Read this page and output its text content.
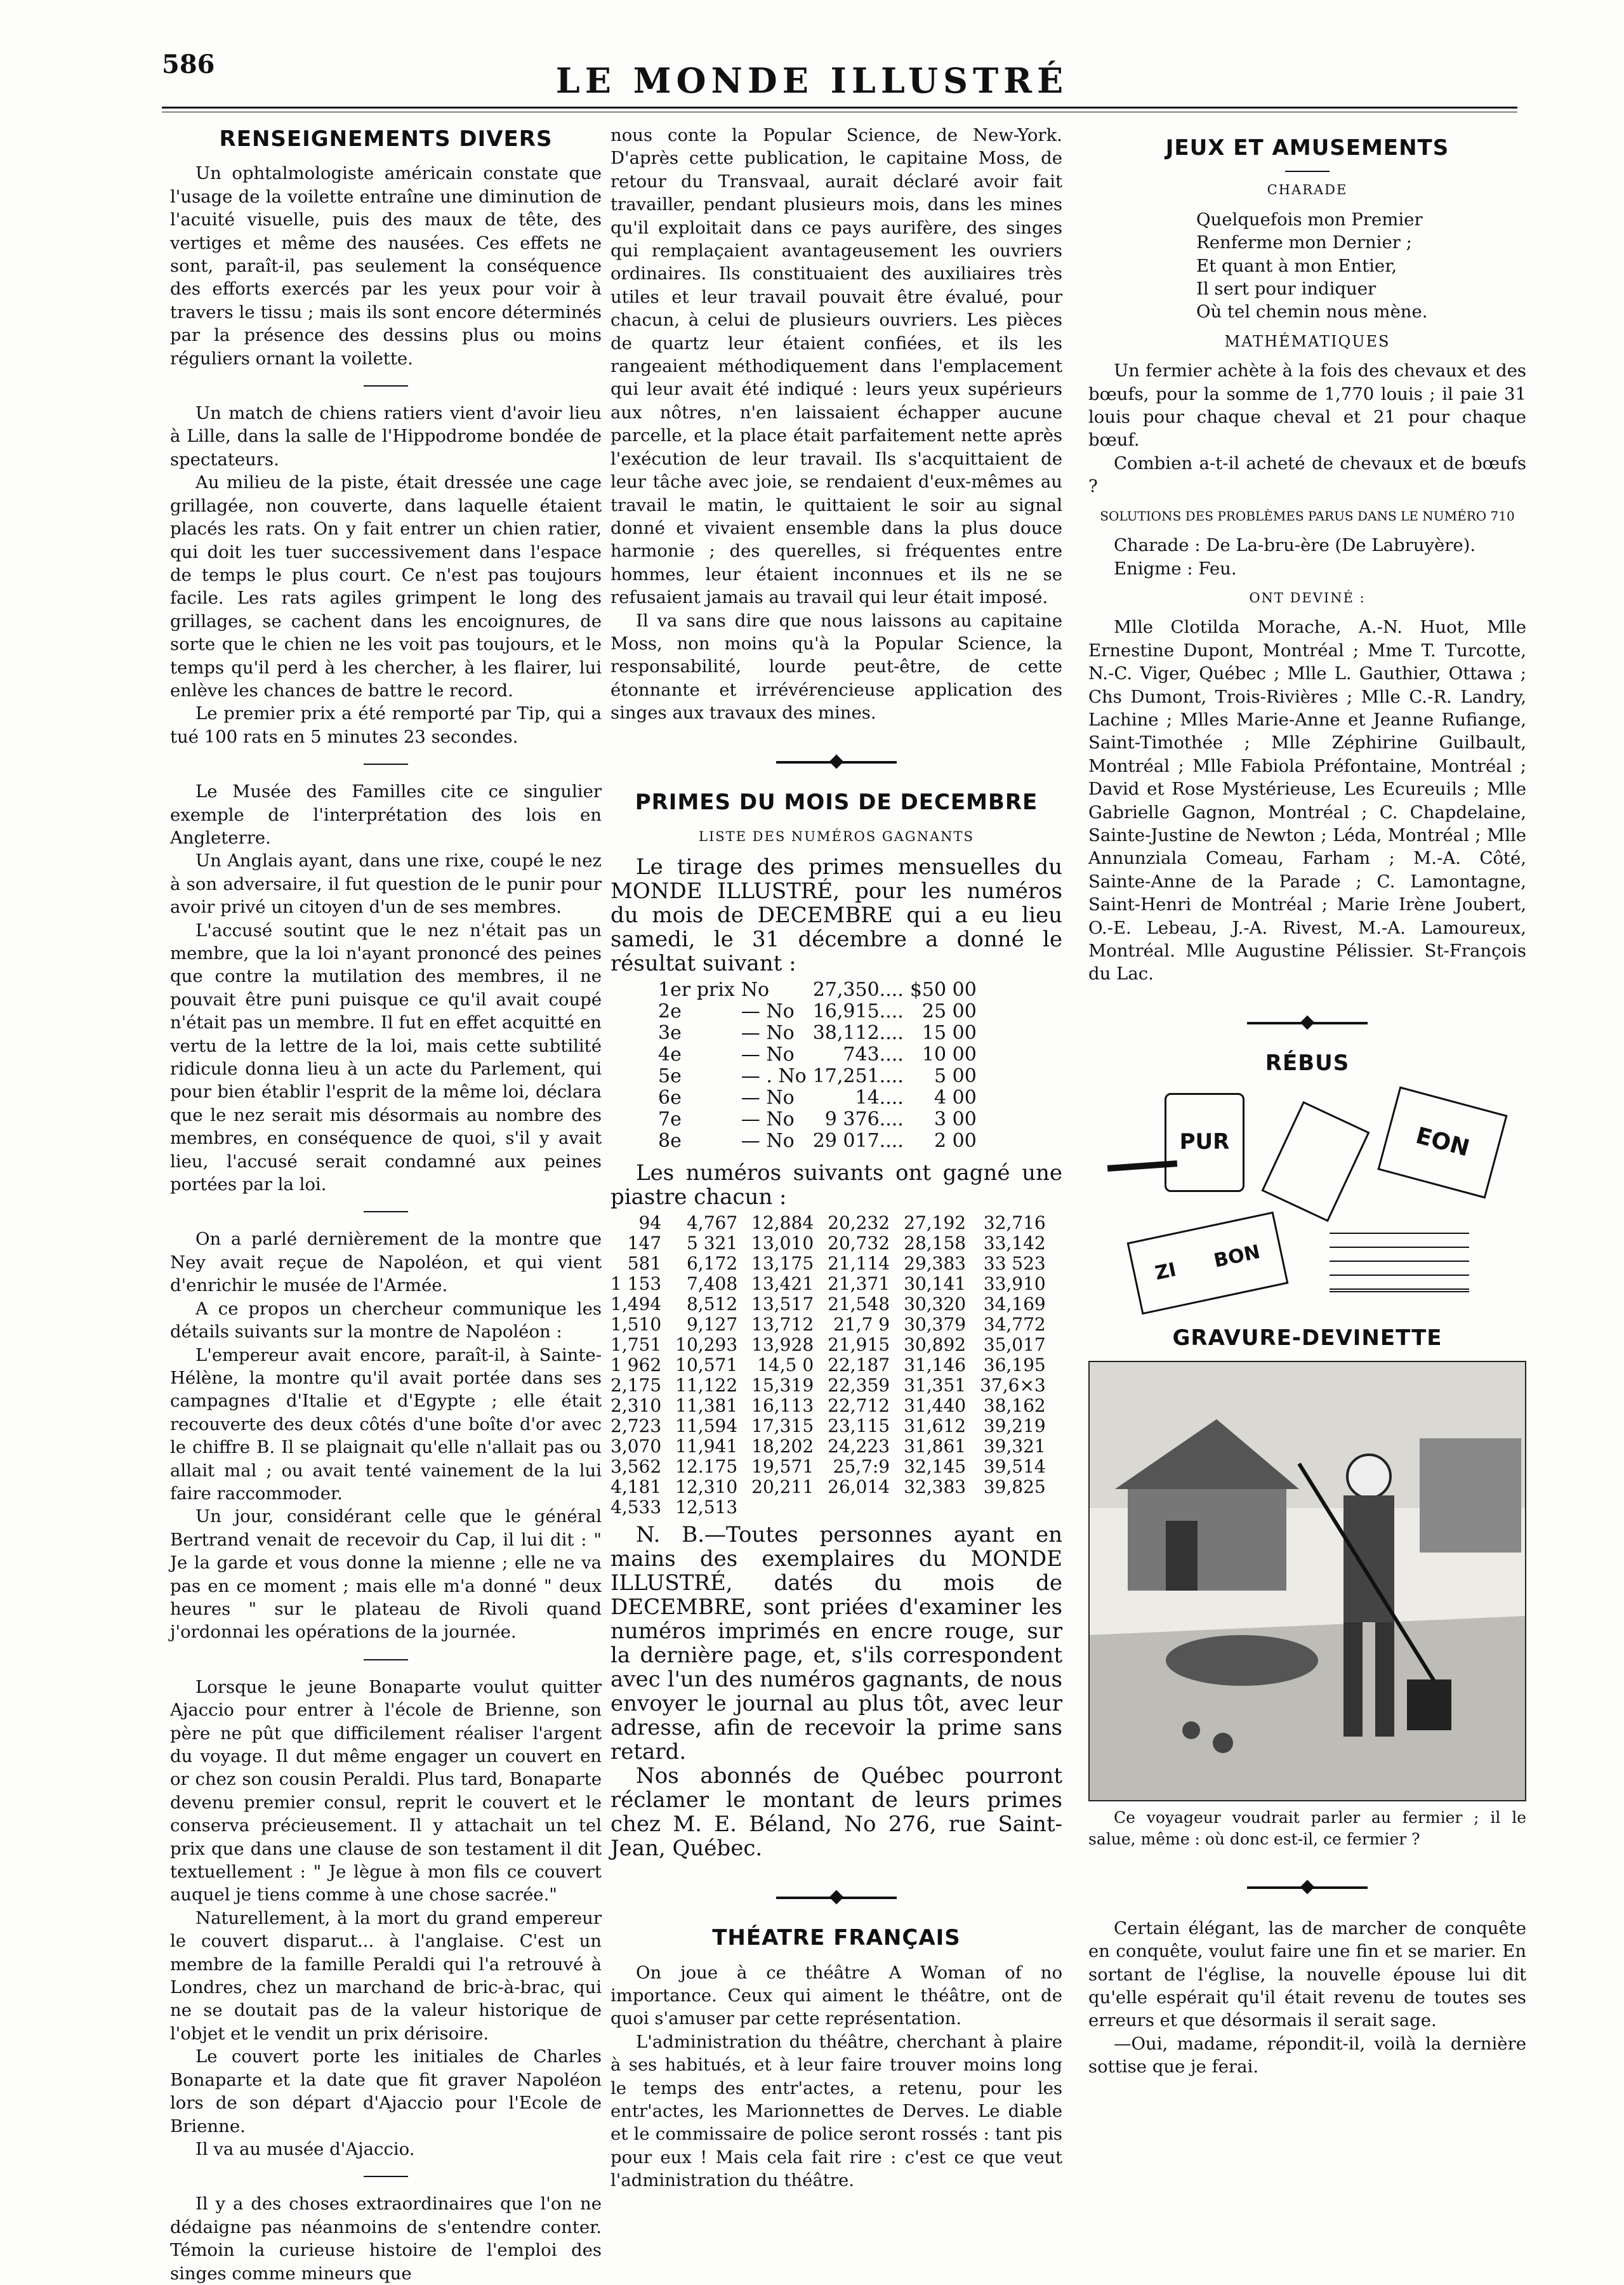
586	LE MONDE ILLUSTRÉ
RENSEIGNEMENTS DIVERS

Un ophtalmologiste américain constate que l'usage de la voilette entraîne une diminution de l'acuité visuelle, puis des maux de tête, des vertiges et même des nausées. Ces effets ne sont, paraît-il, pas seulement la conséquence des efforts exercés par les yeux pour voir à travers le tissu ; mais ils sont encore déterminés par la présence des dessins plus ou moins réguliers ornant la voilette.

Un match de chiens ratiers vient d'avoir lieu à Lille, dans la salle de l'Hippodrome bondée de spectateurs.

Au milieu de la piste, était dressée une cage grillagée, non couverte, dans laquelle étaient placés les rats. On y fait entrer un chien ratier, qui doit les tuer successivement dans l'espace de temps le plus court. Ce n'est pas toujours facile. Les rats agiles grimpent le long des grillages, se cachent dans les encoignures, de sorte que le chien ne les voit pas toujours, et le temps qu'il perd à les chercher, à les flairer, lui enlève les chances de battre le record.

Le premier prix a été remporté par Tip, qui a tué 100 rats en 5 minutes 23 secondes.

Le Musée des Familles cite ce singulier exemple de l'interprétation des lois en Angleterre.

Un Anglais ayant, dans une rixe, coupé le nez à son adversaire, il fut question de le punir pour avoir privé un citoyen d'un de ses membres.

L'accusé soutint que le nez n'était pas un membre, que la loi n'ayant prononcé des peines que contre la mutilation des membres, il ne pouvait être puni puisque ce qu'il avait coupé n'était pas un membre. Il fut en effet acquitté en vertu de la lettre de la loi, mais cette subtilité ridicule donna lieu à un acte du Parlement, qui pour bien établir l'esprit de la même loi, déclara que le nez serait mis désormais au nombre des membres, en conséquence de quoi, s'il y avait lieu, l'accusé serait condamné aux peines portées par la loi.

On a parlé dernièrement de la montre que Ney avait reçue de Napoléon, et qui vient d'enrichir le musée de l'Armée.

A ce propos un chercheur communique les détails suivants sur la montre de Napoléon :

L'empereur avait encore, paraît-il, à Sainte-Hélène, la montre qu'il avait portée dans ses campagnes d'Italie et d'Egypte ; elle était recouverte des deux côtés d'une boîte d'or avec le chiffre B. Il se plaignait qu'elle n'allait pas ou allait mal ; ou avait tenté vainement de la lui faire raccommoder.

Un jour, considérant celle que le général Bertrand venait de recevoir du Cap, il lui dit : " Je la garde et vous donne la mienne ; elle ne va pas en ce moment ; mais elle m'a donné " deux heures " sur le plateau de Rivoli quand j'ordonnai les opérations de la journée.

Lorsque le jeune Bonaparte voulut quitter Ajaccio pour entrer à l'école de Brienne, son père ne pût que difficilement réaliser l'argent du voyage. Il dut même engager un couvert en or chez son cousin Peraldi. Plus tard, Bonaparte devenu premier consul, reprit le couvert et le conserva précieusement. Il y attachait un tel prix que dans une clause de son testament il dit textuellement : " Je lègue à mon fils ce couvert auquel je tiens comme à une chose sacrée."

Naturellement, à la mort du grand empereur le couvert disparut... à l'anglaise. C'est un membre de la famille Peraldi qui l'a retrouvé à Londres, chez un marchand de bric-à-brac, qui ne se doutait pas de la valeur historique de l'objet et le vendit un prix dérisoire.

Le couvert porte les initiales de Charles Bonaparte et la date que fit graver Napoléon lors de son départ d'Ajaccio pour l'Ecole de Brienne.

Il va au musée d'Ajaccio.

Il y a des choses extraordinaires que l'on ne dédaigne pas néanmoins de s'entendre conter. Témoin la curieuse histoire de l'emploi des singes comme mineurs que

nous conte la Popular Science, de New-York. D'après cette publication, le capitaine Moss, de retour du Transvaal, aurait déclaré avoir fait travailler, pendant plusieurs mois, dans les mines qu'il exploitait dans ce pays aurifère, des singes qui remplaçaient avantageusement les ouvriers ordinaires. Ils constituaient des auxiliaires très utiles et leur travail pouvait être évalué, pour chacun, à celui de plusieurs ouvriers. Les pièces de quartz leur étaient confiées, et ils les rangeaient méthodiquement dans l'emplacement qui leur avait été indiqué : leurs yeux supérieurs aux nôtres, n'en laissaient échapper aucune parcelle, et la place était parfaitement nette après l'exécution de leur travail. Ils s'acquittaient de leur tâche avec joie, se rendaient d'eux-mêmes au travail le matin, le quittaient le soir au signal donné et vivaient ensemble dans la plus douce harmonie ; des querelles, si fréquentes entre hommes, leur étaient inconnues et ils ne se refusaient jamais au travail qui leur était imposé.

Il va sans dire que nous laissons au capitaine Moss, non moins qu'à la Popular Science, la responsabilité, lourde peut-être, de cette étonnante et irrévérencieuse application des singes aux travaux des mines.

PRIMES DU MOIS DE DECEMBRE
LISTE DES NUMÉROS GAGNANTS

Le tirage des primes mensuelles du MONDE ILLUSTRÉ, pour les numéros du mois de DECEMBRE qui a eu lieu samedi, le 31 décembre a donné le résultat suivant :

1er prix	No	27,350....	$50 00
2e	— No	16,915....	25 00
3e	— No	38,112....	15 00
4e	— No	743....	10 00
5e	— . No	17,251....	5 00
6e	— No	14....	4 00
7e	— No	9 376....	3 00
8e	— No	29 017....	2 00

Les numéros suivants ont gagné une piastre chacun :

94	4,767	12,884	20,232	27,192	32,716
147	5 321	13,010	20,732	28,158	33,142
581	6,172	13,175	21,114	29,383	33 523
1 153	7,408	13,421	21,371	30,141	33,910
1,494	8,512	13,517	21,548	30,320	34,169
1,510	9,127	13,712	21,7 9	30,379	34,772
1,751	10,293	13,928	21,915	30,892	35,017
1 962	10,571	14,5 0	22,187	31,146	36,195
2,175	11,122	15,319	22,359	31,351	37,6×3
2,310	11,381	16,113	22,712	31,440	38,162
2,723	11,594	17,315	23,115	31,612	39,219
3,070	11,941	18,202	24,223	31,861	39,321
3,562	12.175	19,571	25,7:9	32,145	39,514
4,181	12,310	20,211	26,014	32,383	39,825
4,533	12,513				

N. B.—Toutes personnes ayant en mains des exemplaires du MONDE ILLUSTRÉ, datés du mois de DECEMBRE, sont priées d'examiner les numéros imprimés en encre rouge, sur la dernière page, et, s'ils correspondent avec l'un des numéros gagnants, de nous envoyer le journal au plus tôt, avec leur adresse, afin de recevoir la prime sans retard.

Nos abonnés de Québec pourront réclamer le montant de leurs primes chez M. E. Béland, No 276, rue Saint-Jean, Québec.

THÉATRE FRANÇAIS

On joue à ce théâtre A Woman of no importance. Ceux qui aiment le théâtre, ont de quoi s'amuser par cette représentation.

L'administration du théâtre, cherchant à plaire à ses habitués, et à leur faire trouver moins long le temps des entr'actes, a retenu, pour les entr'actes, les Marionnettes de Derves. Le diable et le commissaire de police seront rossés : tant pis pour eux ! Mais cela fait rire : c'est ce que veut l'administration du théâtre.

JEUX ET AMUSEMENTS
CHARADE
Quelquefois mon Premier
Renferme mon Dernier ;
Et quant à mon Entier,
Il sert pour indiquer
Où tel chemin nous mène.
MATHÉMATIQUES

Un fermier achète à la fois des chevaux et des bœufs, pour la somme de 1,770 louis ; il paie 31 louis pour chaque cheval et 21 pour chaque bœuf.

Combien a-t-il acheté de chevaux et de bœufs ?

SOLUTIONS DES PROBLÈMES PARUS DANS LE NUMÉRO 710

Charade : De La-bru-ère (De Labruyère).

Enigme : Feu.

ONT DEVINÉ :

Mlle Clotilda Morache, A.-N. Huot, Mlle Ernestine Dupont, Montréal ; Mme T. Turcotte, N.-C. Viger, Québec ; Mlle L. Gauthier, Ottawa ; Chs Dumont, Trois-Rivières ; Mlle C.-R. Landry, Lachine ; Mlles Marie-Anne et Jeanne Rufiange, Saint-Timothée ; Mlle Zéphirine Guilbault, Montréal ; Mlle Fabiola Préfontaine, Montréal ; David et Rose Mystérieuse, Les Ecureuils ; Mlle Gabrielle Gagnon, Montréal ; C. Chapdelaine, Sainte-Justine de Newton ; Léda, Montréal ; Mlle Annunziala Comeau, Farham ; M.-A. Côté, Sainte-Anne de la Parade ; C. Lamontagne, Saint-Henri de Montréal ; Marie Irène Joubert, O.-E. Lebeau, J.-A. Rivest, M.-A. Lamoureux, Montréal. Mlle Augustine Pélissier. St-François du Lac.

RÉBUS
PUR	EON
ZI BON
GRAVURE-DEVINETTE

Ce voyageur voudrait parler au fermier ; il le salue, même : où donc est-il, ce fermier ?

Certain élégant, las de marcher de conquête en conquête, voulut faire une fin et se marier. En sortant de l'église, la nouvelle épouse lui dit qu'elle espérait qu'il était revenu de toutes ses erreurs et que désormais il serait sage.

—Oui, madame, répondit-il, voilà la dernière sottise que je ferai.
